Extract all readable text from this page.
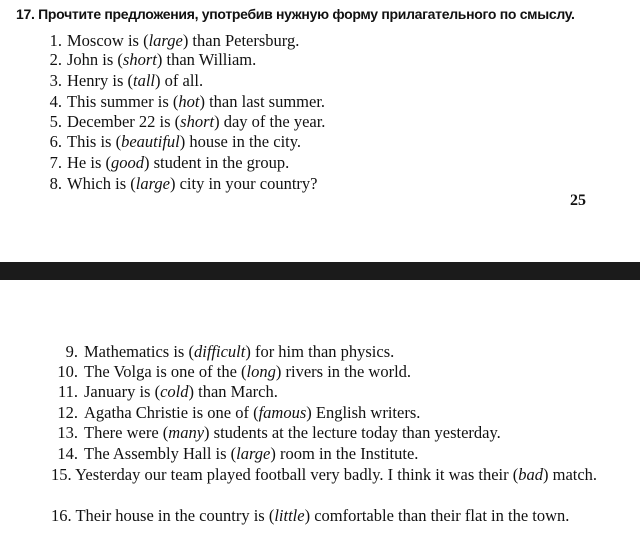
17. Прочтите предложения, употребив нужную форму прилагательного по смыслу.
1. Moscow is (large) than Petersburg.
2. John is (short) than William.
3. Henry is (tall) of all.
4. This summer is (hot) than last summer.
5. December 22 is (short) day of the year.
6. This is (beautiful) house in the city.
7. He is (good) student in the group.
8. Which is (large) city in your country?
25
9. Mathematics is (difficult) for him than physics.
10. The Volga is one of the (long) rivers in the world.
11. January is (cold) than March.
12. Agatha Christie is one of (famous) English writers.
13. There were (many) students at the lecture today than yesterday.
14. The Assembly Hall is (large) room in the Institute.
15. Yesterday our team played football very badly. I think it was their (bad) match.
16. Their house in the country is (little) comfortable than their flat in the town.
